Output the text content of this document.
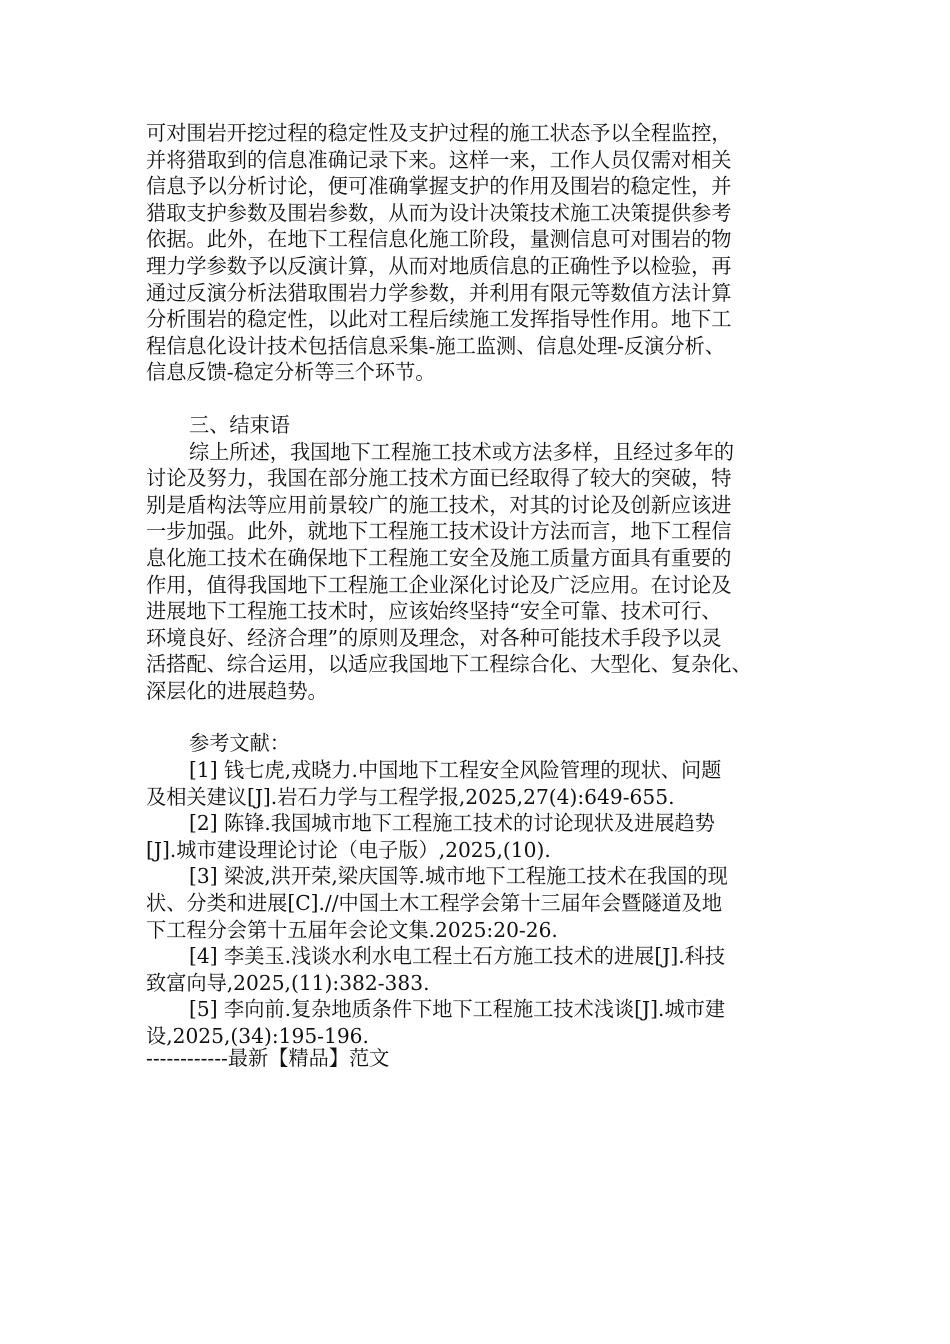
可对围岩开挖过程的稳定性及支护过程的施工状态予以全程监控，
并将猎取到的信息准确记录下来。这样一来，工作人员仅需对相关
信息予以分析讨论，便可准确掌握支护的作用及围岩的稳定性，并
猎取支护参数及围岩参数，从而为设计决策技术施工决策提供参考
依据。此外，在地下工程信息化施工阶段，量测信息可对围岩的物
理力学参数予以反演计算，从而对地质信息的正确性予以检验，再
通过反演分析法猎取围岩力学参数，并利用有限元等数值方法计算
分析围岩的稳定性，以此对工程后续施工发挥指导性作用。地下工
程信息化设计技术包括信息采集-施工监测、信息处理-反演分析、
信息反馈-稳定分析等三个环节。
三、结束语
综上所述，我国地下工程施工技术或方法多样，且经过多年的
讨论及努力，我国在部分施工技术方面已经取得了较大的突破，特
别是盾构法等应用前景较广的施工技术，对其的讨论及创新应该进
一步加强。此外，就地下工程施工技术设计方法而言，地下工程信
息化施工技术在确保地下工程施工安全及施工质量方面具有重要的
作用，值得我国地下工程施工企业深化讨论及广泛应用。在讨论及
进展地下工程施工技术时，应该始终坚持“安全可靠、技术可行、
环境良好、经济合理”的原则及理念，对各种可能技术手段予以灵
活搭配、综合运用，以适应我国地下工程综合化、大型化、复杂化、
深层化的进展趋势。
参考文献：
[1] 钱七虎,戎晓力.中国地下工程安全风险管理的现状、问题
及相关建议[J].岩石力学与工程学报,2025,27(4):649-655.
[2] 陈锋.我国城市地下工程施工技术的讨论现状及进展趋势
[J].城市建设理论讨论（电子版）,2025,(10).
[3] 梁波,洪开荣,梁庆国等.城市地下工程施工技术在我国的现
状、分类和进展[C].//中国土木工程学会第十三届年会暨隧道及地
下工程分会第十五届年会论文集.2025:20-26.
[4] 李美玉.浅谈水利水电工程土石方施工技术的进展[J].科技
致富向导,2025,(11):382-383.
[5] 李向前.复杂地质条件下地下工程施工技术浅谈[J].城市建
设,2025,(34):195-196.
------------最新【精品】范文
